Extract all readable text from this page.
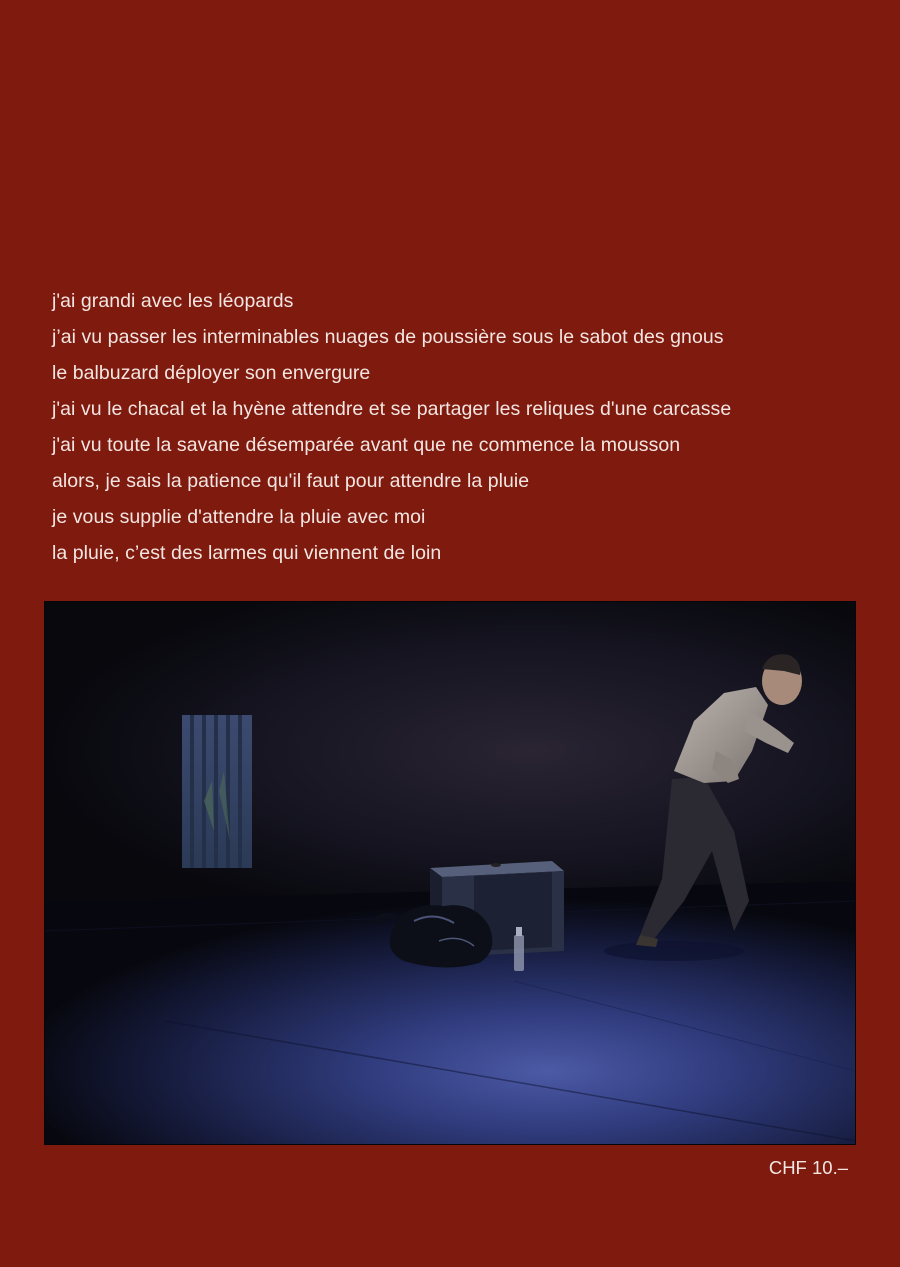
j'ai grandi avec les léopards
j’ai vu passer les interminables nuages de poussière sous le sabot des gnous
le balbuzard déployer son envergure
j'ai vu le chacal et la hyène attendre et se partager les reliques d'une carcasse
j'ai vu toute la savane désemparée avant que ne commence la mousson
alors, je sais la patience qu'il faut pour attendre la pluie
je vous supplie d'attendre la pluie avec moi
la pluie, c’est des larmes qui viennent de loin
CHF 10.–
